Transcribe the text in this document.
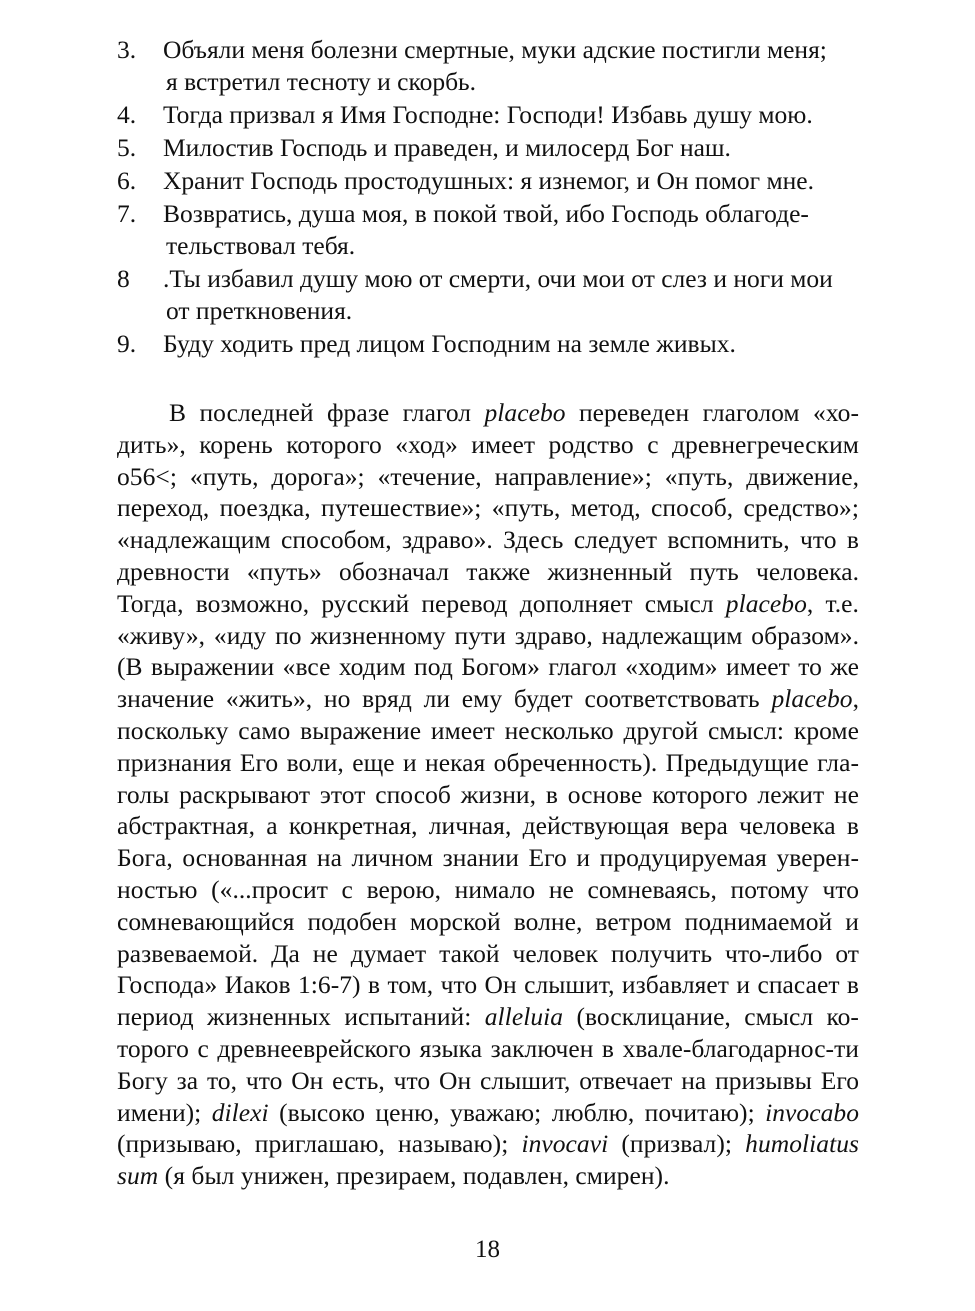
3.	Объяли меня болезни смертные, муки адские постигли меня;
я встретил тесноту и скорбь.
4.	Тогда призвал я Имя Господне: Господи! Избавь душу мою.
5.	Милостив Господь и праведен, и милосерд Бог наш.
6.	Хранит Господь простодушных: я изнемог, и Он помог мне.
7.	Возвратись, душа моя, в покой твой, ибо Господь облагоде-
тельствовал тебя.
8	.Ты избавил душу мою от смерти, очи мои от слез и ноги мои
от преткновения.
9.	Буду ходить пред лицом Господним на земле живых.

В последней фразе глагол placebo переведен глаголом «хо-дить», корень которого «ход» имеет родство с древнегреческим о56<; «путь, дорога»; «течение, направление»; «путь, движение, переход, поездка, путешествие»; «путь, метод, способ, средство»; «надлежащим способом, здраво». Здесь следует вспомнить, что в древности «путь» обозначал также жизненный путь человека. Тогда, возможно, русский перевод дополняет смысл placebo, т.е. «живу», «иду по жизненному пути здраво, надлежащим образом». (В выражении «все ходим под Богом» глагол «ходим» имеет то же значение «жить», но вряд ли ему будет соответствовать placebo, поскольку само выражение имеет несколько другой смысл: кроме признания Его воли, еще и некая обреченность). Предыдущие гла-голы раскрывают этот способ жизни, в основе которого лежит не абстрактная, а конкретная, личная, действующая вера человека в Бога, основанная на личном знании Его и продуцируемая уверен-ностью («...просит с верою, нимало не сомневаясь, потому что сомневающийся подобен морской волне, ветром поднимаемой и развеваемой. Да не думает такой человек получить что-либо от Господа» Иаков 1:6-7) в том, что Он слышит, избавляет и спасает в период жизненных испытаний: alleluia (восклицание, смысл ко-торого с древнееврейского языка заключен в хвале-благодарнос-ти Богу за то, что Он есть, что Он слышит, отвечает на призывы Его имени); dilexi (высоко ценю, уважаю; люблю, почитаю); invocabo (призываю, приглашаю, называю); invocavi (призвал); humoliatus sum (я был унижен, презираем, подавлен, смирен).

18
